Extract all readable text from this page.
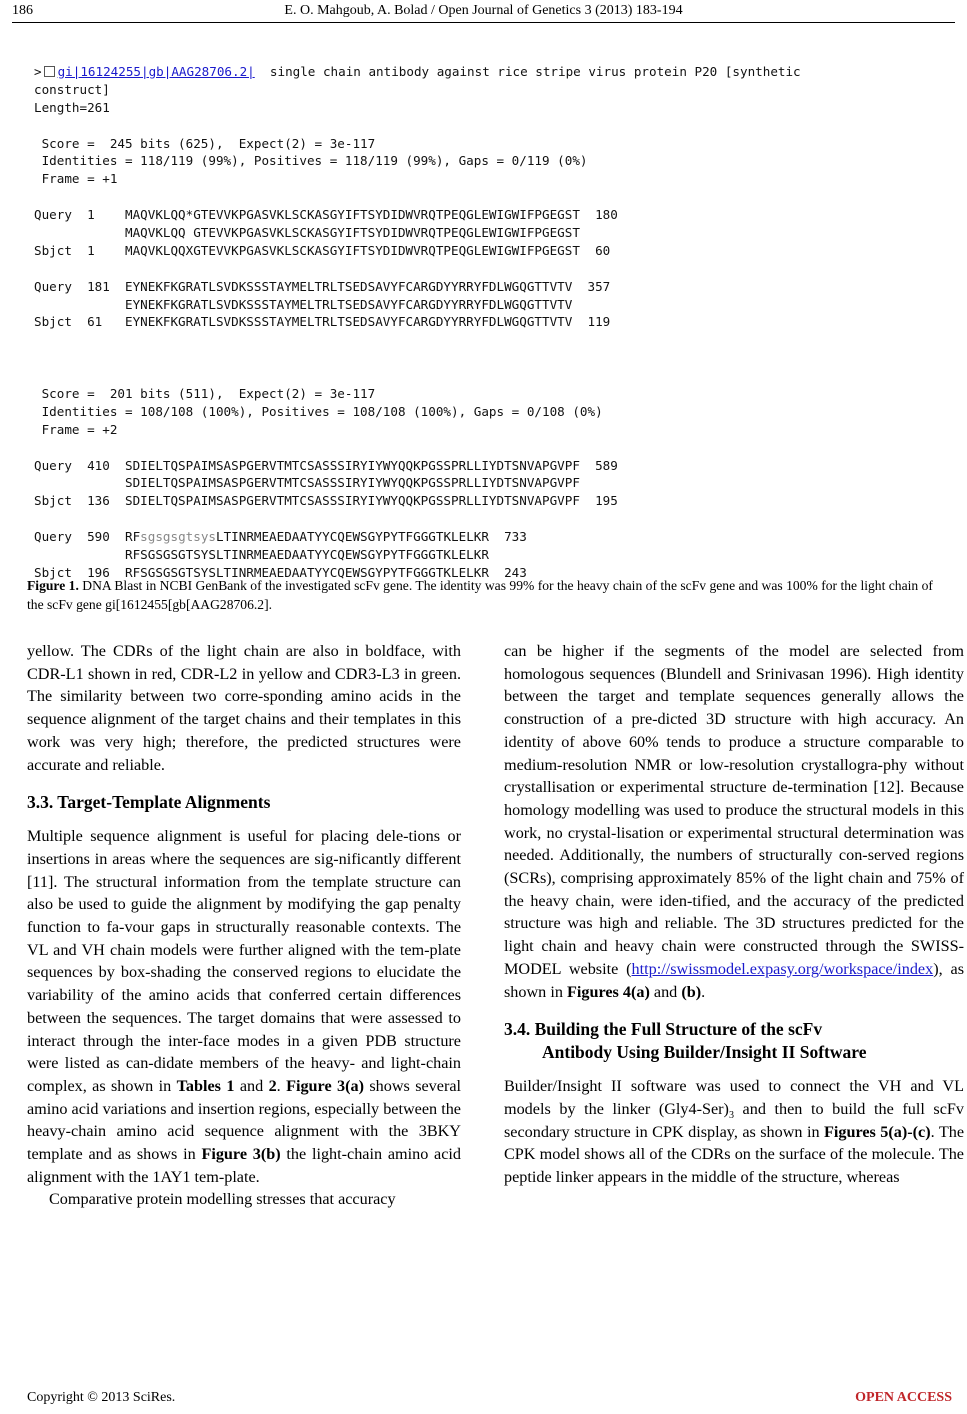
186	E. O. Mahgoub, A. Bolad / Open Journal of Genetics 3 (2013) 183-194
> gi|16124255|gb|AAG28706.2|  single chain antibody against rice stripe virus protein P20 [synthetic
construct]
Length=261
Score =  245 bits (625),  Expect(2) = 3e-117
Identities = 118/119 (99%), Positives = 118/119 (99%), Gaps = 0/119 (0%)
Frame = +1
Query  1    MAQVKLQQ*GTEVVKPGASVKLSCKASGYIFTSYDIDWVRQTPEQGLEWIGWIFPGEGST  180
MAQVKLQQ GTEVVKPGASVKLSCKASGYIFTSYDIDWVRQTPEQGLEWIGWIFPGEGST
Sbjct  1    MAQVKLQQXGTEVVKPGASVKLSCKASGYIFTSYDIDWVRQTPEQGLEWIGWIFPGEGST  60
Query  181  EYNEKFKGRATLSVDKSSSTAYMELTRLTSEDSAVYFCARGDYYRRYFDLWGQGTTVTV  357
EYNEKFKGRATLSVDKSSSTAYMELTRLTSEDSAVYFCARGDYYRRYFDLWGQGTTVTV
Sbjct  61   EYNEKFKGRATLSVDKSSSTAYMELTRLTSEDSAVYFCARGDYYRRYFDLWGQGTTVTV  119
Score =  201 bits (511),  Expect(2) = 3e-117
Identities = 108/108 (100%), Positives = 108/108 (100%), Gaps = 0/108 (0%)
Frame = +2
Query  410  SDIELTQSPAIMSASPGERVTMTCSASSSIRYIYWYQQKPGSSPRLLIYDTSNVAPGVPF  589
SDIELTQSPAIMSASPGERVTMTCSASSSIRYIYWYQQKPGSSPRLLIYDTSNVAPGVPF
Sbjct  136  SDIELTQSPAIMSASPGERVTMTCSASSSIRYIYWYQQKPGSSPRLLIYDTSNVAPGVPF  195
Query  590  RFsgsgsgtsysLTINRMEAEDAATYYCQEWSGYPYTFGGGTKLELKR  733
RFSGSGSGTSYSLTINRMEAEDAATYYCQEWSGYPYTFGGGTKLELKR
Sbjct  196  RFSGSGSGTSYSLTINRMEAEDAATYYCQEWSGYPYTFGGGTKLELKR  243
Figure 1. DNA Blast in NCBI GenBank of the investigated scFv gene. The identity was 99% for the heavy chain of the scFv gene and was 100% for the light chain of the scFv gene gi[1612455[gb[AAG28706.2].

yellow. The CDRs of the light chain are also in boldface, with CDR-L1 shown in red, CDR-L2 in yellow and CDR3-L3 in green. The similarity between two corre-sponding amino acids in the sequence alignment of the target chains and their templates in this work was very high; therefore, the predicted structures were accurate and reliable.

3.3. Target-Template Alignments

Multiple sequence alignment is useful for placing dele-tions or insertions in areas where the sequences are sig-nificantly different [11]. The structural information from the template structure can also be used to guide the alignment by modifying the gap penalty function to fa-vour gaps in structurally reasonable contexts. The VL and VH chain models were further aligned with the tem-plate sequences by box-shading the conserved regions to elucidate the variability of the amino acids that conferred certain differences between the sequences. The target domains that were assessed to interact through the inter-face modes in a given PDB structure were listed as can-didate members of the heavy- and light-chain complex, as shown in Tables 1 and 2. Figure 3(a) shows several amino acid variations and insertion regions, especially between the heavy-chain amino acid sequence alignment with the 3BKY template and as shows in Figure 3(b) the light-chain amino acid alignment with the 1AY1 tem-plate.

Comparative protein modelling stresses that accuracy

can be higher if the segments of the model are selected from homologous sequences (Blundell and Srinivasan 1996). High identity between the target and template sequences generally allows the construction of a pre-dicted 3D structure with high accuracy. An identity of above 60% tends to produce a structure comparable to medium-resolution NMR or low-resolution crystallogra-phy without crystallisation or experimental structure de-termination [12]. Because homology modelling was used to produce the structural models in this work, no crystal-lisation or experimental structural determination was needed. Additionally, the numbers of structurally con-served regions (SCRs), comprising approximately 85% of the light chain and 75% of the heavy chain, were iden-tified, and the accuracy of the predicted structure was high and reliable. The 3D structures predicted for the light chain and heavy chain were constructed through the SWISS-MODEL website (http://swissmodel.expasy.org/workspace/index), as shown in Figures 4(a) and (b).

3.4. Building the Full Structure of the scFv
Antibody Using Builder/Insight II Software

Builder/Insight II software was used to connect the VH and VL models by the linker $(Gly4-Ser)_3$ and then to build the full scFv secondary structure in CPK display, as shown in Figures 5(a)-(c). The CPK model shows all of the CDRs on the surface of the molecule. The peptide linker appears in the middle of the structure, whereas

Copyright © 2013 SciRes.	OPEN ACCESS
